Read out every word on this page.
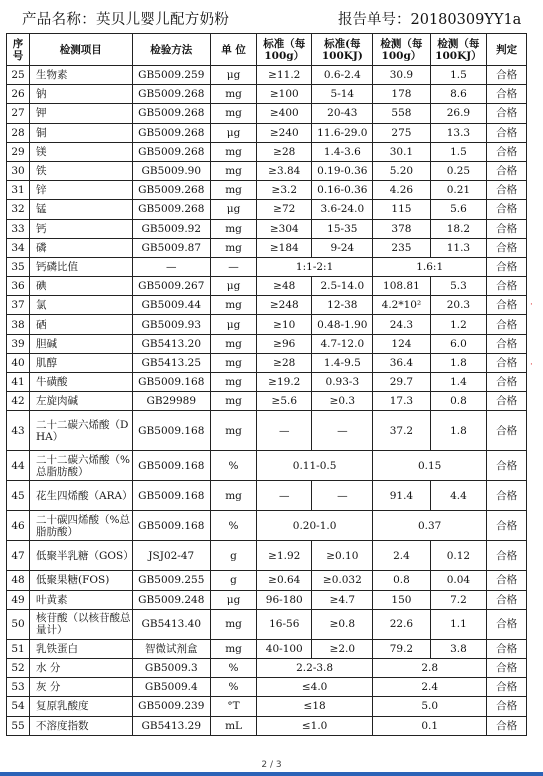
产品名称：英贝儿婴儿配方奶粉	报告单号：20180309YY1a
序号	检测项目	检验方法	单 位	标准（每100g）	标准(每100KJ)	检测（每100g）	检测（每100KJ）	判定
25	生物素	GB5009.259	μg	≥11.2	0.6-2.4	30.9	1.5	合格
26	钠	GB5009.268	mg	≥100	5-14	178	8.6	合格
27	钾	GB5009.268	mg	≥400	20-43	558	26.9	合格
28	铜	GB5009.268	μg	≥240	11.6-29.0	275	13.3	合格
29	镁	GB5009.268	mg	≥28	1.4-3.6	30.1	1.5	合格
30	铁	GB5009.90	mg	≥3.84	0.19-0.36	5.20	0.25	合格
31	锌	GB5009.268	mg	≥3.2	0.16-0.36	4.26	0.21	合格
32	锰	GB5009.268	μg	≥72	3.6-24.0	115	5.6	合格
33	钙	GB5009.92	mg	≥304	15-35	378	18.2	合格
34	磷	GB5009.87	mg	≥184	9-24	235	11.3	合格
35	钙磷比值	—	—	1:1-2:1		1.6:1		合格
36	碘	GB5009.267	μg	≥48	2.5-14.0	108.81	5.3	合格
37	氯	GB5009.44	mg	≥248	12-38	4.2*10²	20.3	合格
38	硒	GB5009.93	μg	≥10	0.48-1.90	24.3	1.2	合格
39	胆碱	GB5413.20	mg	≥96	4.7-12.0	124	6.0	合格
40	肌醇	GB5413.25	mg	≥28	1.4-9.5	36.4	1.8	合格
41	牛磺酸	GB5009.168	mg	≥19.2	0.93-3	29.7	1.4	合格
42	左旋肉碱	GB29989	mg	≥5.6	≥0.3	17.3	0.8	合格
43	二十二碳六烯酸（DHA）	GB5009.168	mg	—	—	37.2	1.8	合格
44	二十二碳六烯酸（%总脂肪酸）	GB5009.168	%	0.11-0.5		0.15		合格
45	花生四烯酸（ARA）	GB5009.168	mg	—	—	91.4	4.4	合格
46	二十碳四烯酸（%总脂肪酸）	GB5009.168	%	0.20-1.0		0.37		合格
47	低聚半乳糖（GOS）	JSJ02-47	g	≥1.92	≥0.10	2.4	0.12	合格
48	低聚果糖(FOS)	GB5009.255	g	≥0.64	≥0.032	0.8	0.04	合格
49	叶黄素	GB5009.248	μg	96-180	≥4.7	150	7.2	合格
50	核苷酸（以核苷酸总量计）	GB5413.40	mg	16-56	≥0.8	22.6	1.1	合格
51	乳铁蛋白	智微试剂盒	mg	40-100	≥2.0	79.2	3.8	合格
52	水 分	GB5009.3	%	2.2-3.8		2.8		合格
53	灰 分	GB5009.4	%	≤4.0		2.4		合格
54	复原乳酸度	GB5009.239	°T	≤18		5.0		合格
55	不溶度指数	GB5413.29	mL	≤1.0		0.1		合格
·
·
2 / 3
